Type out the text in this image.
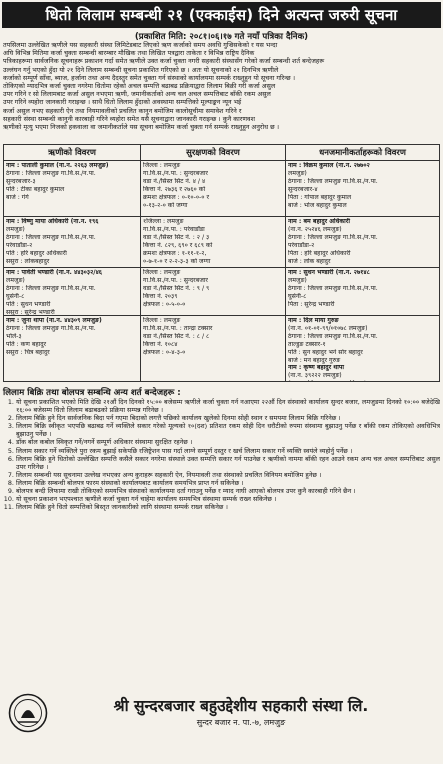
धितो लिलाम सम्बन्धी २१ (एक्काईस) दिने अत्यन्त जरुरी सूचना
(प्रकाशित मिति: २०८१।०६।१७ गते नयाँ पत्रिका दैनिक)
तपसिलमा उल्लेखित ऋणीले यस सहकारी संस्था लिमिटेडबाट लिएको ऋण कर्जाको समय अवधि गुज्रिसकेको र यस भन्दा
अघि विभिन्न मितिमा कर्जा चुक्ता सम्बन्धी बारम्बार मौखिक तथा लिखित पत्रद्वारा ताकेता र विभिन्न राष्ट्रिय दैनिक
पत्रिकाहरूमा सार्वजनिक सूचनाहरू प्रकाशन गर्दा समेत ऋणीले उक्त कर्जा चुक्ता नगरी सहकारी संस्थासँग गरेको कर्जा सम्बन्धी शर्त बन्देजहरू
उल्लंघन गर्नु भएको हुँदा यो २१ दिने लिलाम सम्बन्धी सूचना प्रकाशित गरिएको छ । अतः यो सूचनाको २१ दिनभित्र ऋणीले
कर्जाको सम्पूर्ण साँवा, ब्याज, हर्जाना तथा अन्य दैदस्तुर समेत चुक्ता गर्न संस्थाको कार्यालयमा सम्पर्क राख्नुहुन यो सूचना गरिन्छ ।
तोकिएको म्यादभित्र कर्जा चुक्ता नगरेमा धितोमा रहेको अचल सम्पत्ति बढाबढ प्रक्रियाद्वारा लिलाम बिक्री गरी कर्जा असुल
उपर गरिने र सो लिलामबाट कर्जा असुल नभएमा ऋणी, जमानीकर्ताको अन्य चल अचल सम्पत्तिबाट बाँकी रकम असुल
उपर गरिने व्यहोरा जानकारी गराइन्छ । साथै धितो लिलाम हुँदाको अवस्थामा सम्पत्तिको मूल्याङ्कन न्यून भई
कर्जा असुल नभए सहकारी ऐन तथा नियमावलीको प्रचलित कानुन बमोजिम कालोसूचीमा समावेश गरिने र
सहकारी संस्था सम्बन्धी कानुनी कारबाही गरिने व्यहोरा समेत यसै सूचनाद्वारा जानकारी गराइन्छ । कुनै कारणवश
ऋणीको मृत्यु भएमा निजको हकवाला वा जमानीकर्ताले यस सूचना बमोजिम कर्जा चुक्ता गर्न सम्पर्क राख्नुहुन अनुरोध छ ।
ऋणीको विवरण	सुरक्षणको विवरण	धनजमानीकर्ताहरूको विवरण
नाम : पाताली कुमाल (ना.न. २२६३ लमजुङ)
ठेगाना : जिल्ला लमजुङ गा.वि.स./न.पा.
सुन्दरबजार-३
पति : टीका बहादुर कुमाल
बाजे : गंगे
जिल्ला : लमजुङ
गा.वि.स./न.पा. : सुन्दरबजार
वडा नं./सिस्त सिट नं. ४ / ४
कित्ता नं. २७३६ र २७६० को
क्रमशः क्षेत्रफल : ०-१०-०-० र
०-१३-२-० को जग्गा
नाम : विक्रम कुमाल (ना.न. २७७०२
लमजुङ)
ठेगाना : जिल्ला लमजुङ गा.वि.स./न.पा.
सुन्दरबजार-४
पिता : गोपाल बहादुर कुमाल
बाजे : भोज बहादुर कुमाल
नाम : विष्णु माया अधिकारी (ना.न. १९६
लमजुङ)
ठेगाना : जिल्ला लमजुङ गा.वि.स./न.पा.
परेवाडाँडा-२
पति : हरि बहादुर अधिकारी
ससुरा : लोकबहादुर
१जिल्ला : लमजुङ
गा.वि.स./न.पा. : परेवाडाँडा
वडा नं./सिस्त सिट नं. : २ / ३
कित्ता नं. ८२९, ६९० र ६८९ को
क्रमशः क्षेत्रफल : १-११-१-२,
०-७-१-० र २-२-३-३ को जग्गा
नाम : बम बहादुर अधिकारी
(ना.न. २५२४६ लमजुङ)
ठेगाना : जिल्ला लमजुङ गा.वि.स./न.पा.
परेवाडाँडा-२
पिता : हरि बहादुर अधिकारी
बाजे : लोक बहादुर
नाम : पार्वती भण्डारी (ना.न. ४४३०३२/४६
लमजुङ)
ठेगाना : जिल्ला लमजुङ गा.वि.स./न.पा.
घुसेनी-८
पति : सुधन भण्डारी
ससुरा : सुरेन्द्र भण्डारी
जिल्ला : लमजुङ
गा.वि.स./न.पा. : सुन्दरबजार
वडा नं./सिस्त सिट नं. : ९ / ९
कित्ता नं. २०३९
क्षेत्रफल : ०-५-०-०
नाम : सुधन भण्डारी (ना.न. २७१४८
लमजुङ)
ठेगाना : जिल्ला लमजुङ गा.वि.स./न.पा.
घुसेनी-८
पिता : सुरेन्द्र भण्डारी
नाम : जुना थापा (ना.न. ४४३०९ लमजुङ)
ठेगाना : जिल्ला लमजुङ गा.वि.स./न.पा.
भोर्ले-३
पति : कण बहादुर
ससुरा : चित्र बहादुर
जिल्ला : लमजुङ
गा.वि.स./न.पा. : तान्द्रा टक्सार
वडा नं./सिस्त सिट नं. : ८ / ८
कित्ता नं. १०८४
क्षेत्रफल : ०-४-३-०
नाम : दिल माया गुरुङ
(ना.न. ०१-०१-९९/०१०७८ लमजुङ)
ठेगाना : जिल्ला लमजुङ गा.वि.स./न.पा.
ताल्डुङ टक्सार-१
पति : सुन बहादुर भने सोर बहादुर
बाजे : मन बहादुर गुरुङ
नाम : कृष्ण बहादुर थापा
(ना.न. ३९२२२ लमजुङ)
लिलाम बिक्रि तथा बोलपत्र सम्बन्धि अन्य शर्त बन्देजहरू :
1. यो सूचना प्रकाशित भएको मिति देखि २१औं दिन दिनको १५:०० बजेसम्म ऋणीले कर्जा चुक्ता गर्न नआएमा २२औं दिन संस्थाको कार्यालय सुन्दर बजार, लमजुङमा दिनको १०:०० बजेदेखि १६:०० बजेसम्म धितो लिलाम बढाबढको प्रक्रिया सम्पन्न गरिनेछ ।
2. लिलाम बिक्रि हुने दिन सार्वजनिक बिदा पर्न गएमा बिदाको लगत्तै पछिको कार्यालय खुलेको दिनमा सोही स्थान र समयमा लिलाम बिक्रि गरिनेछ ।
3. लिलाम बिक्रि स्वीकृत भएपछि बढाबढ गर्ने व्यक्तिले सकार गरेको मूल्यको १०(दश) प्रतिशत रकम सोही दिन धरौटीको रुपमा संस्थामा बुझाउनु पर्नेछ र बाँकी रकम तोकिएको अवधिभित्र बुझाउनु पर्नेछ ।
4. डाँक बोल कबोल स्विकृत गर्ने/नगर्ने सम्पूर्ण अधिकार संस्थामा सुरक्षित रहनेछ ।
5. लिलाम सकार गर्ने व्यक्तिले पुरा रकम बुझाई सकेपछि रजिष्ट्रेशन पास गर्दा लाग्ने सम्पूर्ण दस्तुर र खर्च लिलाम सकार गर्ने व्यक्ति स्वयंले व्यहोर्नु पर्नेछ ।
6. लिलाम बिक्रि हुने धितोको उल्लेखित सम्पत्ति कसैले सकार नगरेमा संस्थाले उक्त सम्पत्ति सकार गर्न पाउनेछ र ऋणीको नाममा बाँकी रहन आउने रकम अन्य चल अचल सम्पत्तिबाट असुल उपर गरिनेछ ।
7. लिलाम सम्बन्धी यस सूचनामा उल्लेख नभएका अन्य कुराहरू सहकारी ऐन, नियमावली तथा संस्थाको प्रचलित विनियम बमोजिम हुनेछ ।
8. लिलाम बिक्रि सम्बन्धी बोलपत्र फारम संस्थाको कार्यालयबाट कार्यालय समयभित्र प्राप्त गर्न सकिनेछ ।
9. बोलपत्र बन्दी लिफामा राखी तोकिएको समयभित्र संस्थाको कार्यालयमा दर्ता गराउनु पर्नेछ र म्याद नाघी आएको बोलपत्र उपर कुनै कारबाही गरिने छैन ।
10. यो सूचना प्रकाशन भएपश्चात ऋणीले कर्जा चुक्ता गर्न चाहेमा कार्यालय समयभित्र संस्थामा सम्पर्क राख्न सकिनेछ ।
11. लिलाम बिक्रि हुने धितो सम्पत्तिको बिस्तृत जानकारीको लागि संस्थामा सम्पर्क राख्न सकिनेछ ।
श्री सुन्दरबजार बहुउद्देशीय सहकारी संस्था लि.
सुन्दर बजार न. पा.-७, लमजुङ
